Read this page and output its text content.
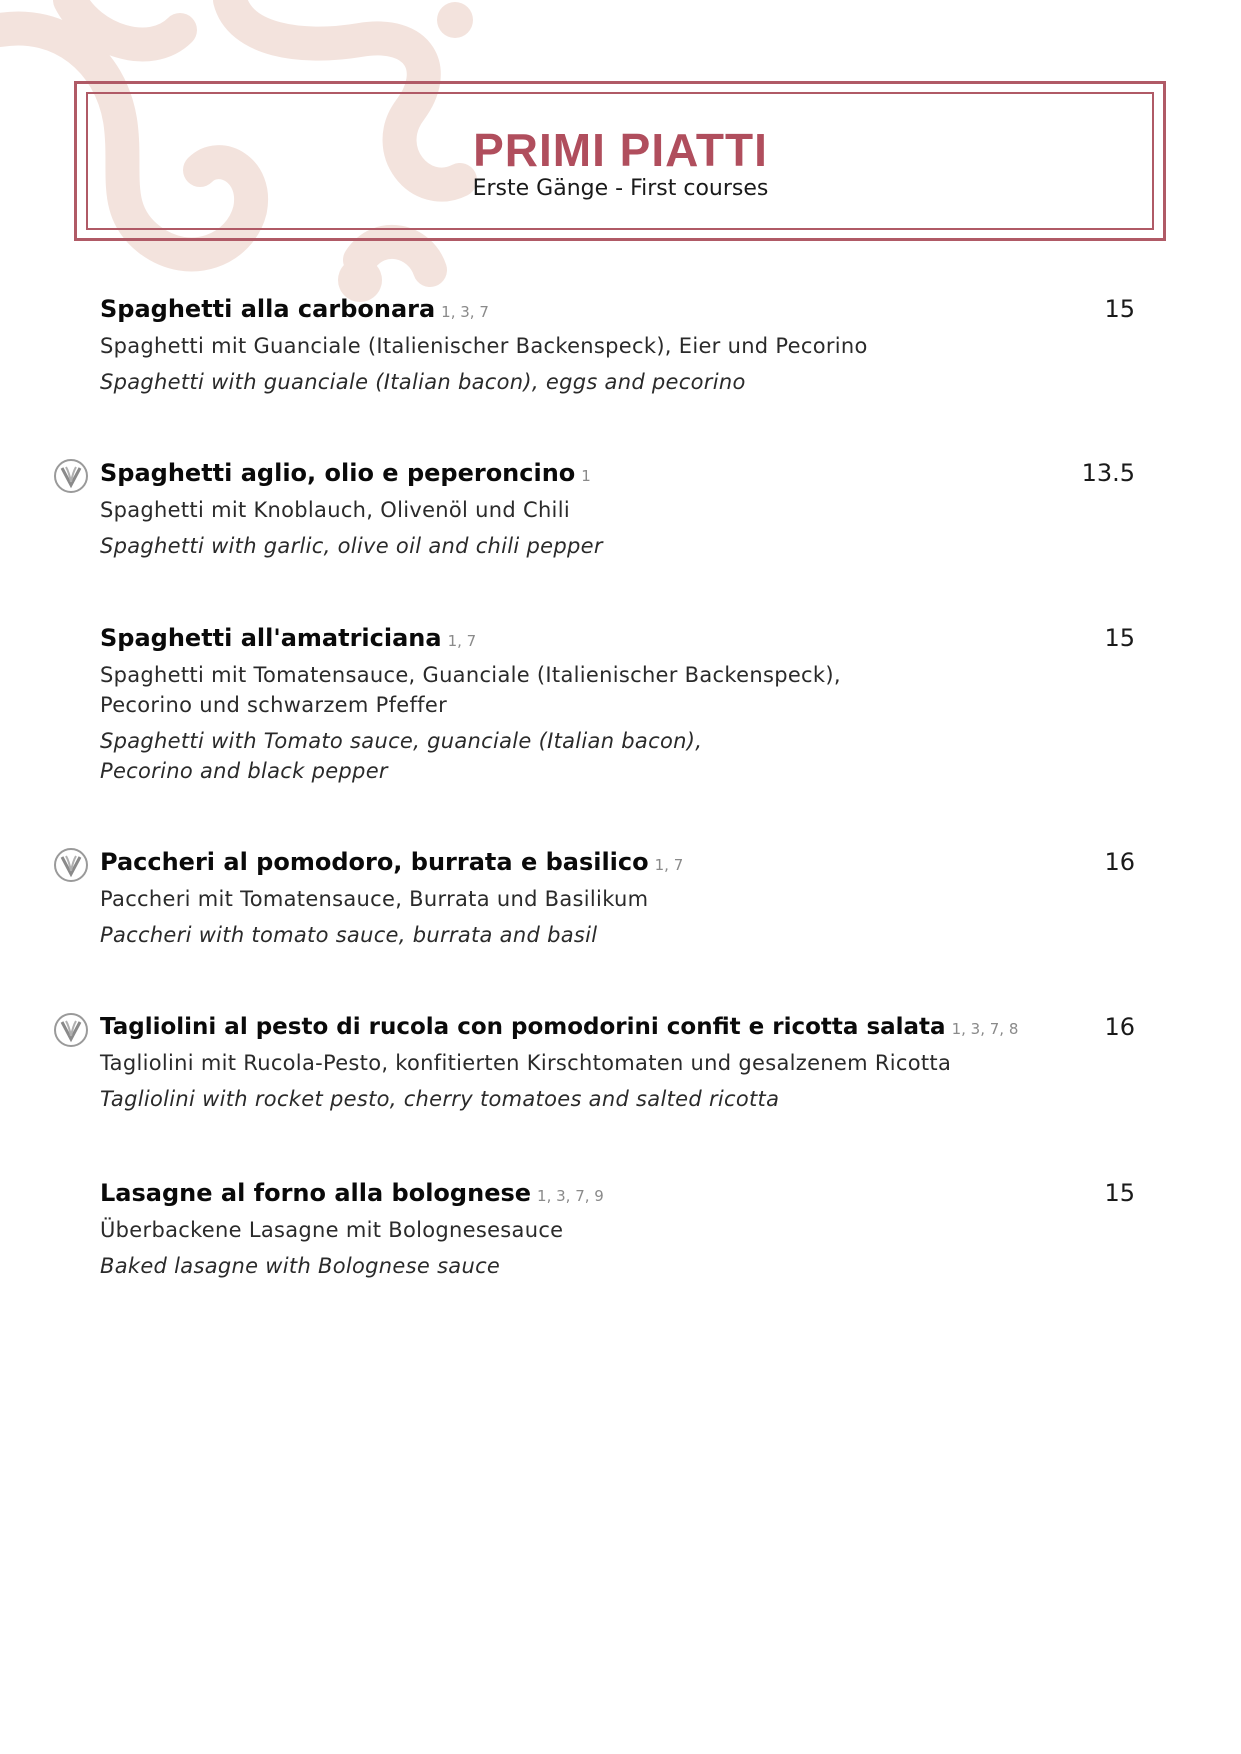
PRIMI PIATTI
Erste Gänge - First courses
Spaghetti alla carbonara 1, 3, 7	15
Spaghetti mit Guanciale (Italienischer Backenspeck), Eier und Pecorino
Spaghetti with guanciale (Italian bacon), eggs and pecorino
Spaghetti aglio, olio e peperoncino 1	13.5
Spaghetti mit Knoblauch, Olivenöl und Chili
Spaghetti with garlic, olive oil and chili pepper
Spaghetti all'amatriciana 1, 7	15
Spaghetti mit Tomatensauce, Guanciale (Italienischer Backenspeck),
Pecorino und schwarzem Pfeffer
Spaghetti with Tomato sauce, guanciale (Italian bacon),
Pecorino and black pepper
Paccheri al pomodoro, burrata e basilico 1, 7	16
Paccheri mit Tomatensauce, Burrata und Basilikum
Paccheri with tomato sauce, burrata and basil
Tagliolini al pesto di rucola con pomodorini confit e ricotta salata 1, 3, 7, 8	16
Tagliolini mit Rucola-Pesto, konfitierten Kirschtomaten und gesalzenem Ricotta
Tagliolini with rocket pesto, cherry tomatoes and salted ricotta
Lasagne al forno alla bolognese 1, 3, 7, 9	15
Überbackene Lasagne mit Bolognesesauce
Baked lasagne with Bolognese sauce
